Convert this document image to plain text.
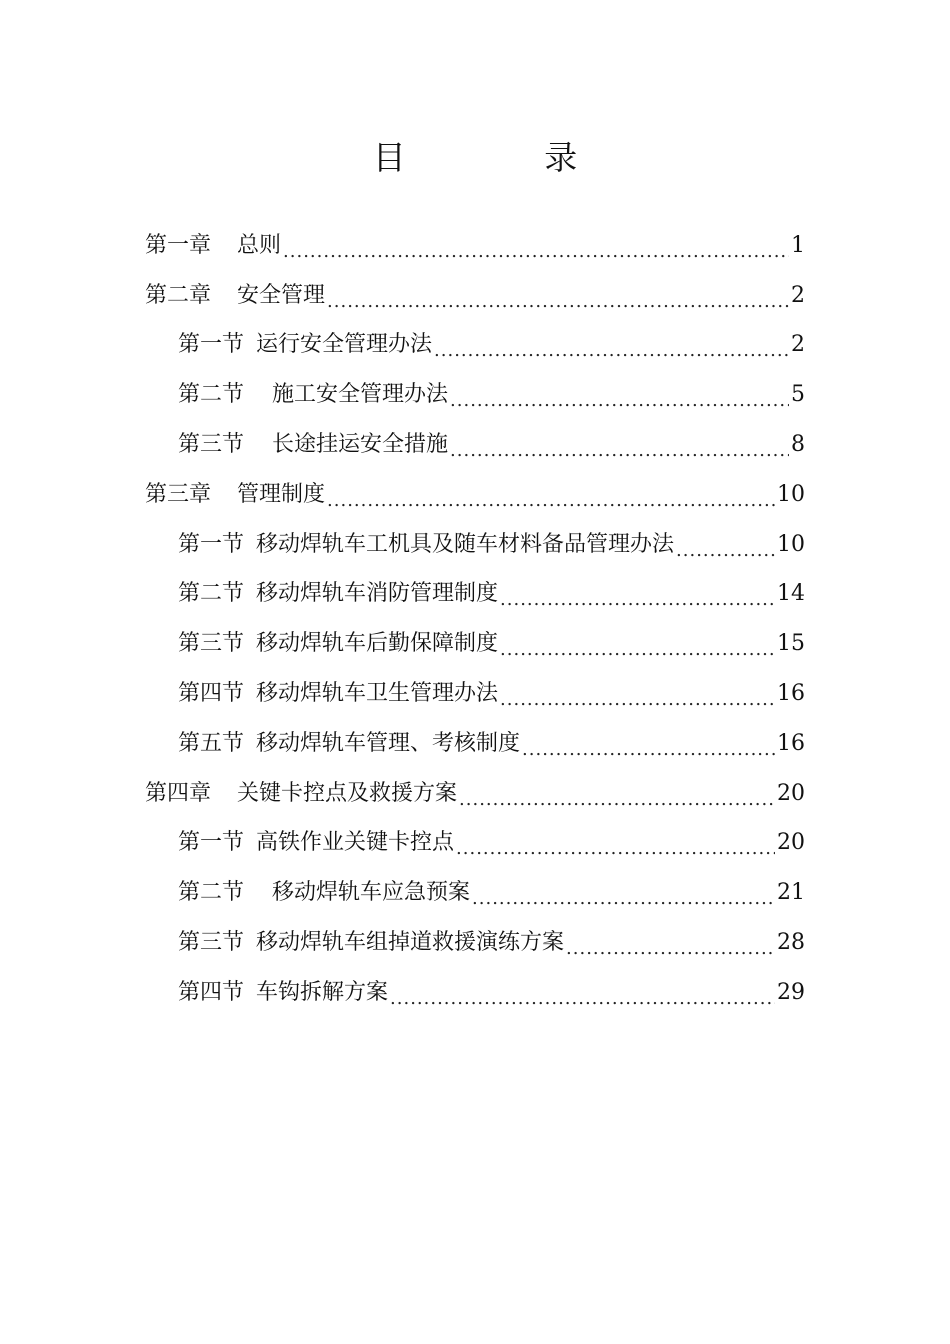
目 录
第一章 总则 .....	1
第二章 安全管理 .....	2
第一节 运行安全管理办法 .....	2
第二节 施工安全管理办法 .....	5
第三节 长途挂运安全措施 .....	8
第三章 管理制度 .....	10
第一节 移动焊轨车工机具及随车材料备品管理办法 .....	10
第二节 移动焊轨车消防管理制度 .....	14
第三节 移动焊轨车后勤保障制度 .....	15
第四节 移动焊轨车卫生管理办法 .....	16
第五节 移动焊轨车管理、考核制度 .....	16
第四章 关键卡控点及救援方案 .....	20
第一节 高铁作业关键卡控点 .....	20
第二节 移动焊轨车应急预案 .....	21
第三节 移动焊轨车组掉道救援演练方案 .....	28
第四节 车钩拆解方案 .....	29
